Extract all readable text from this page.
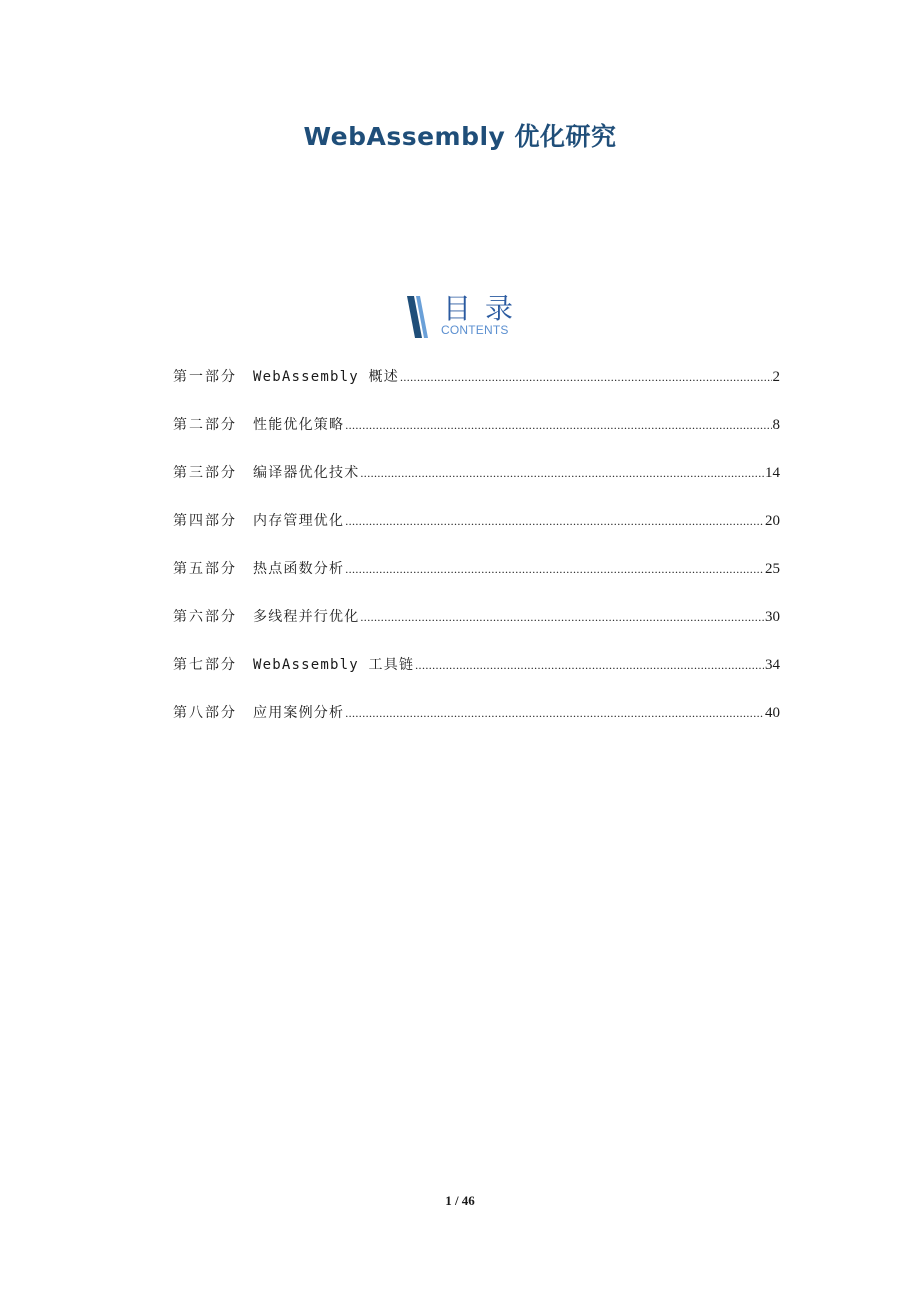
WebAssembly 优化研究
目录
CONTENTS
第一部分	WebAssembly 概述 .....	2
第二部分	性能优化策略 .....	8
第三部分	编译器优化技术 .....	14
第四部分	内存管理优化 .....	20
第五部分	热点函数分析 .....	25
第六部分	多线程并行优化 .....	30
第七部分	WebAssembly 工具链 .....	34
第八部分	应用案例分析 .....	40
1 / 46
